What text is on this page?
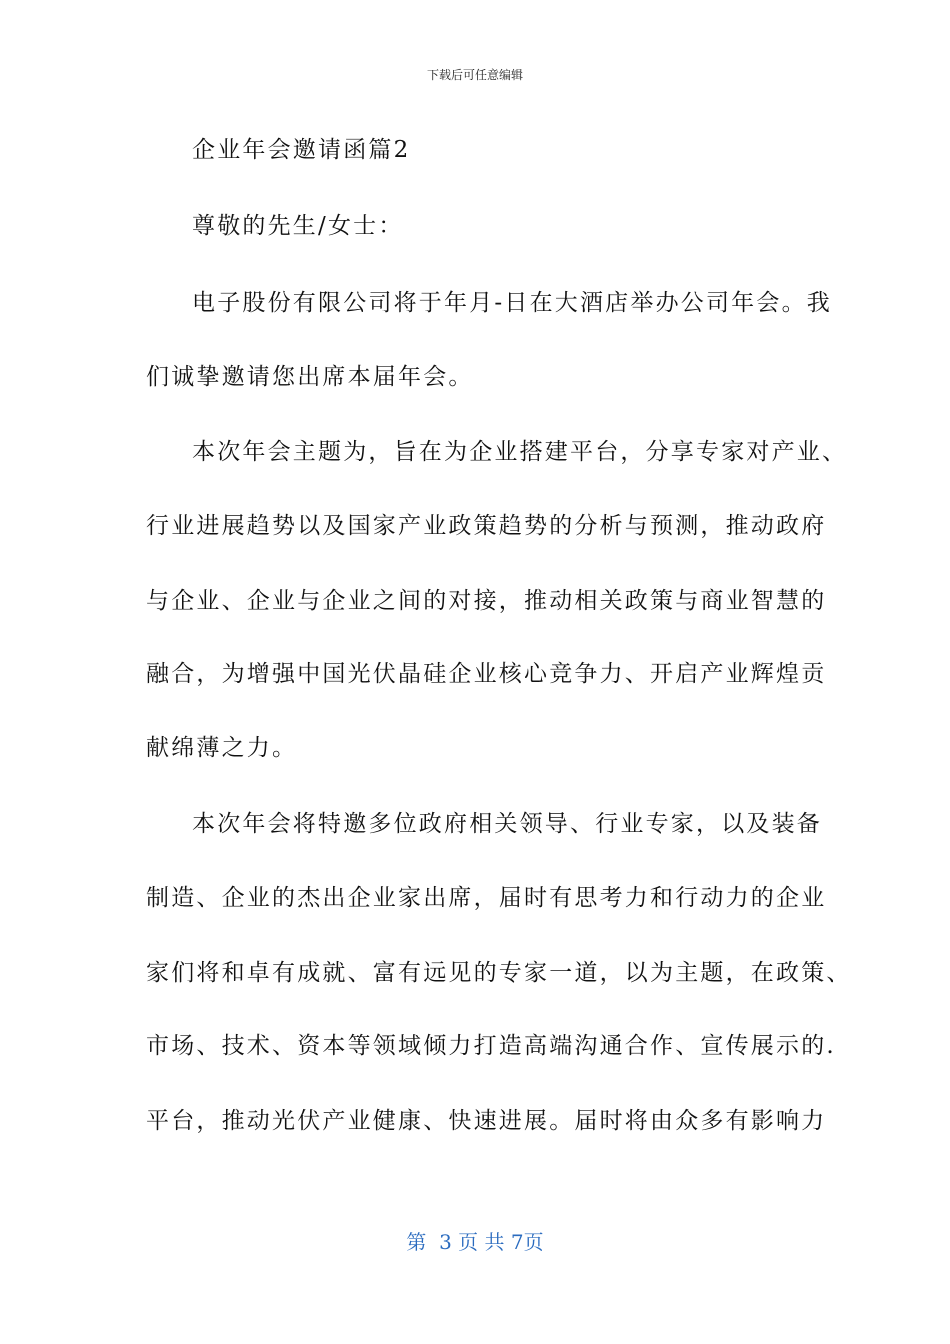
下载后可任意编辑
企业年会邀请函篇2
尊敬的先生/女士：
电子股份有限公司将于年月-日在大酒店举办公司年会。我
们诚挚邀请您出席本届年会。
本次年会主题为，旨在为企业搭建平台，分享专家对产业、
行业进展趋势以及国家产业政策趋势的分析与预测，推动政府
与企业、企业与企业之间的对接，推动相关政策与商业智慧的
融合，为增强中国光伏晶硅企业核心竞争力、开启产业辉煌贡
献绵薄之力。
本次年会将特邀多位政府相关领导、行业专家，以及装备
制造、企业的杰出企业家出席，届时有思考力和行动力的企业
家们将和卓有成就、富有远见的专家一道，以为主题，在政策、
市场、技术、资本等领域倾力打造高端沟通合作、宣传展示的.
平台，推动光伏产业健康、快速进展。届时将由众多有影响力
第  3 页 共 7页
